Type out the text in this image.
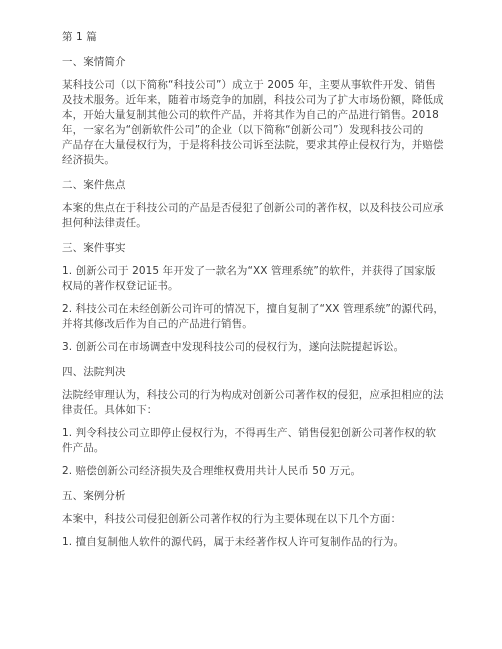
第 1 篇
一、案情简介
某科技公司（以下简称“科技公司”）成立于 2005 年，主要从事软件开发、销售
及技术服务。近年来，随着市场竞争的加剧，科技公司为了扩大市场份额，降低成
本，开始大量复制其他公司的软件产品，并将其作为自己的产品进行销售。2018
年，一家名为“创新软件公司”的企业（以下简称“创新公司”）发现科技公司的
产品存在大量侵权行为，于是将科技公司诉至法院，要求其停止侵权行为，并赔偿
经济损失。
二、案件焦点
本案的焦点在于科技公司的产品是否侵犯了创新公司的著作权，以及科技公司应承
担何种法律责任。
三、案件事实
1. 创新公司于 2015 年开发了一款名为“XX 管理系统”的软件，并获得了国家版
权局的著作权登记证书。
2. 科技公司在未经创新公司许可的情况下，擅自复制了“XX 管理系统”的源代码，
并将其修改后作为自己的产品进行销售。
3. 创新公司在市场调查中发现科技公司的侵权行为，遂向法院提起诉讼。
四、法院判决
法院经审理认为，科技公司的行为构成对创新公司著作权的侵犯，应承担相应的法
律责任。具体如下：
1. 判令科技公司立即停止侵权行为，不得再生产、销售侵犯创新公司著作权的软
件产品。
2. 赔偿创新公司经济损失及合理维权费用共计人民币 50 万元。
五、案例分析
本案中，科技公司侵犯创新公司著作权的行为主要体现在以下几个方面：
1. 擅自复制他人软件的源代码，属于未经著作权人许可复制作品的行为。
